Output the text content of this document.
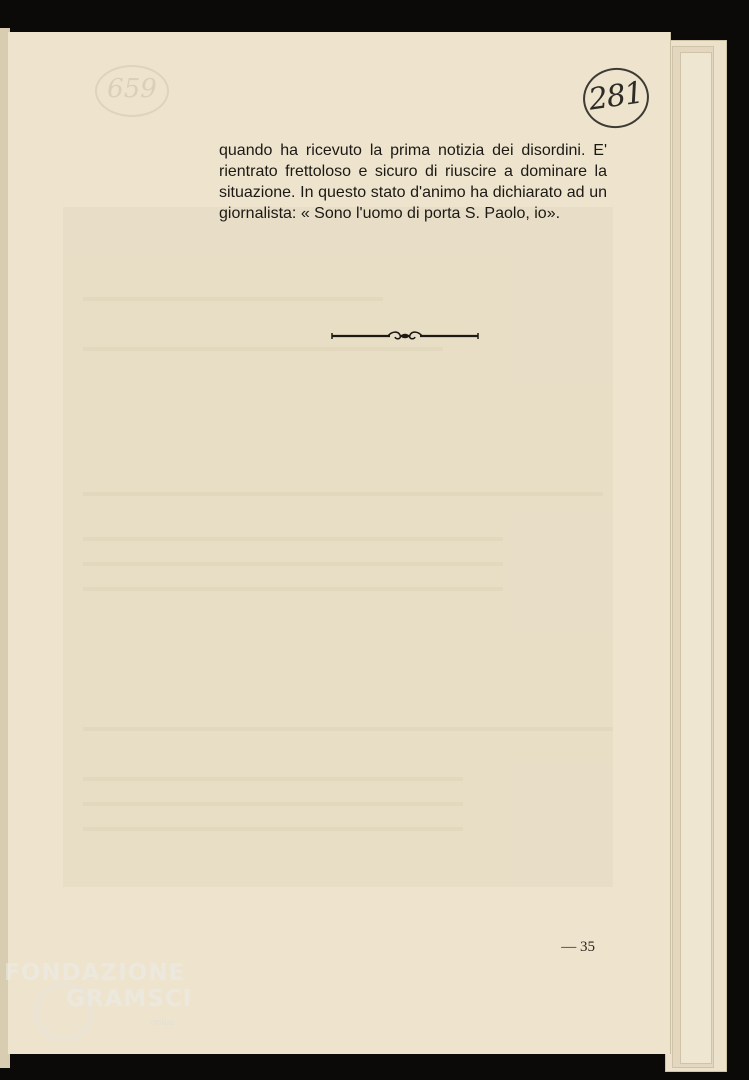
659	281

quando ha ricevuto la prima notizia dei disordini. E' rientrato frettoloso e sicuro di riuscire a dominare la situazione. In questo stato d'animo ha dichiarato ad un giornalista: « Sono l'uomo di porta S. Paolo, io».

— 35
FONDAZIONE
GRAMSCI
onlus
